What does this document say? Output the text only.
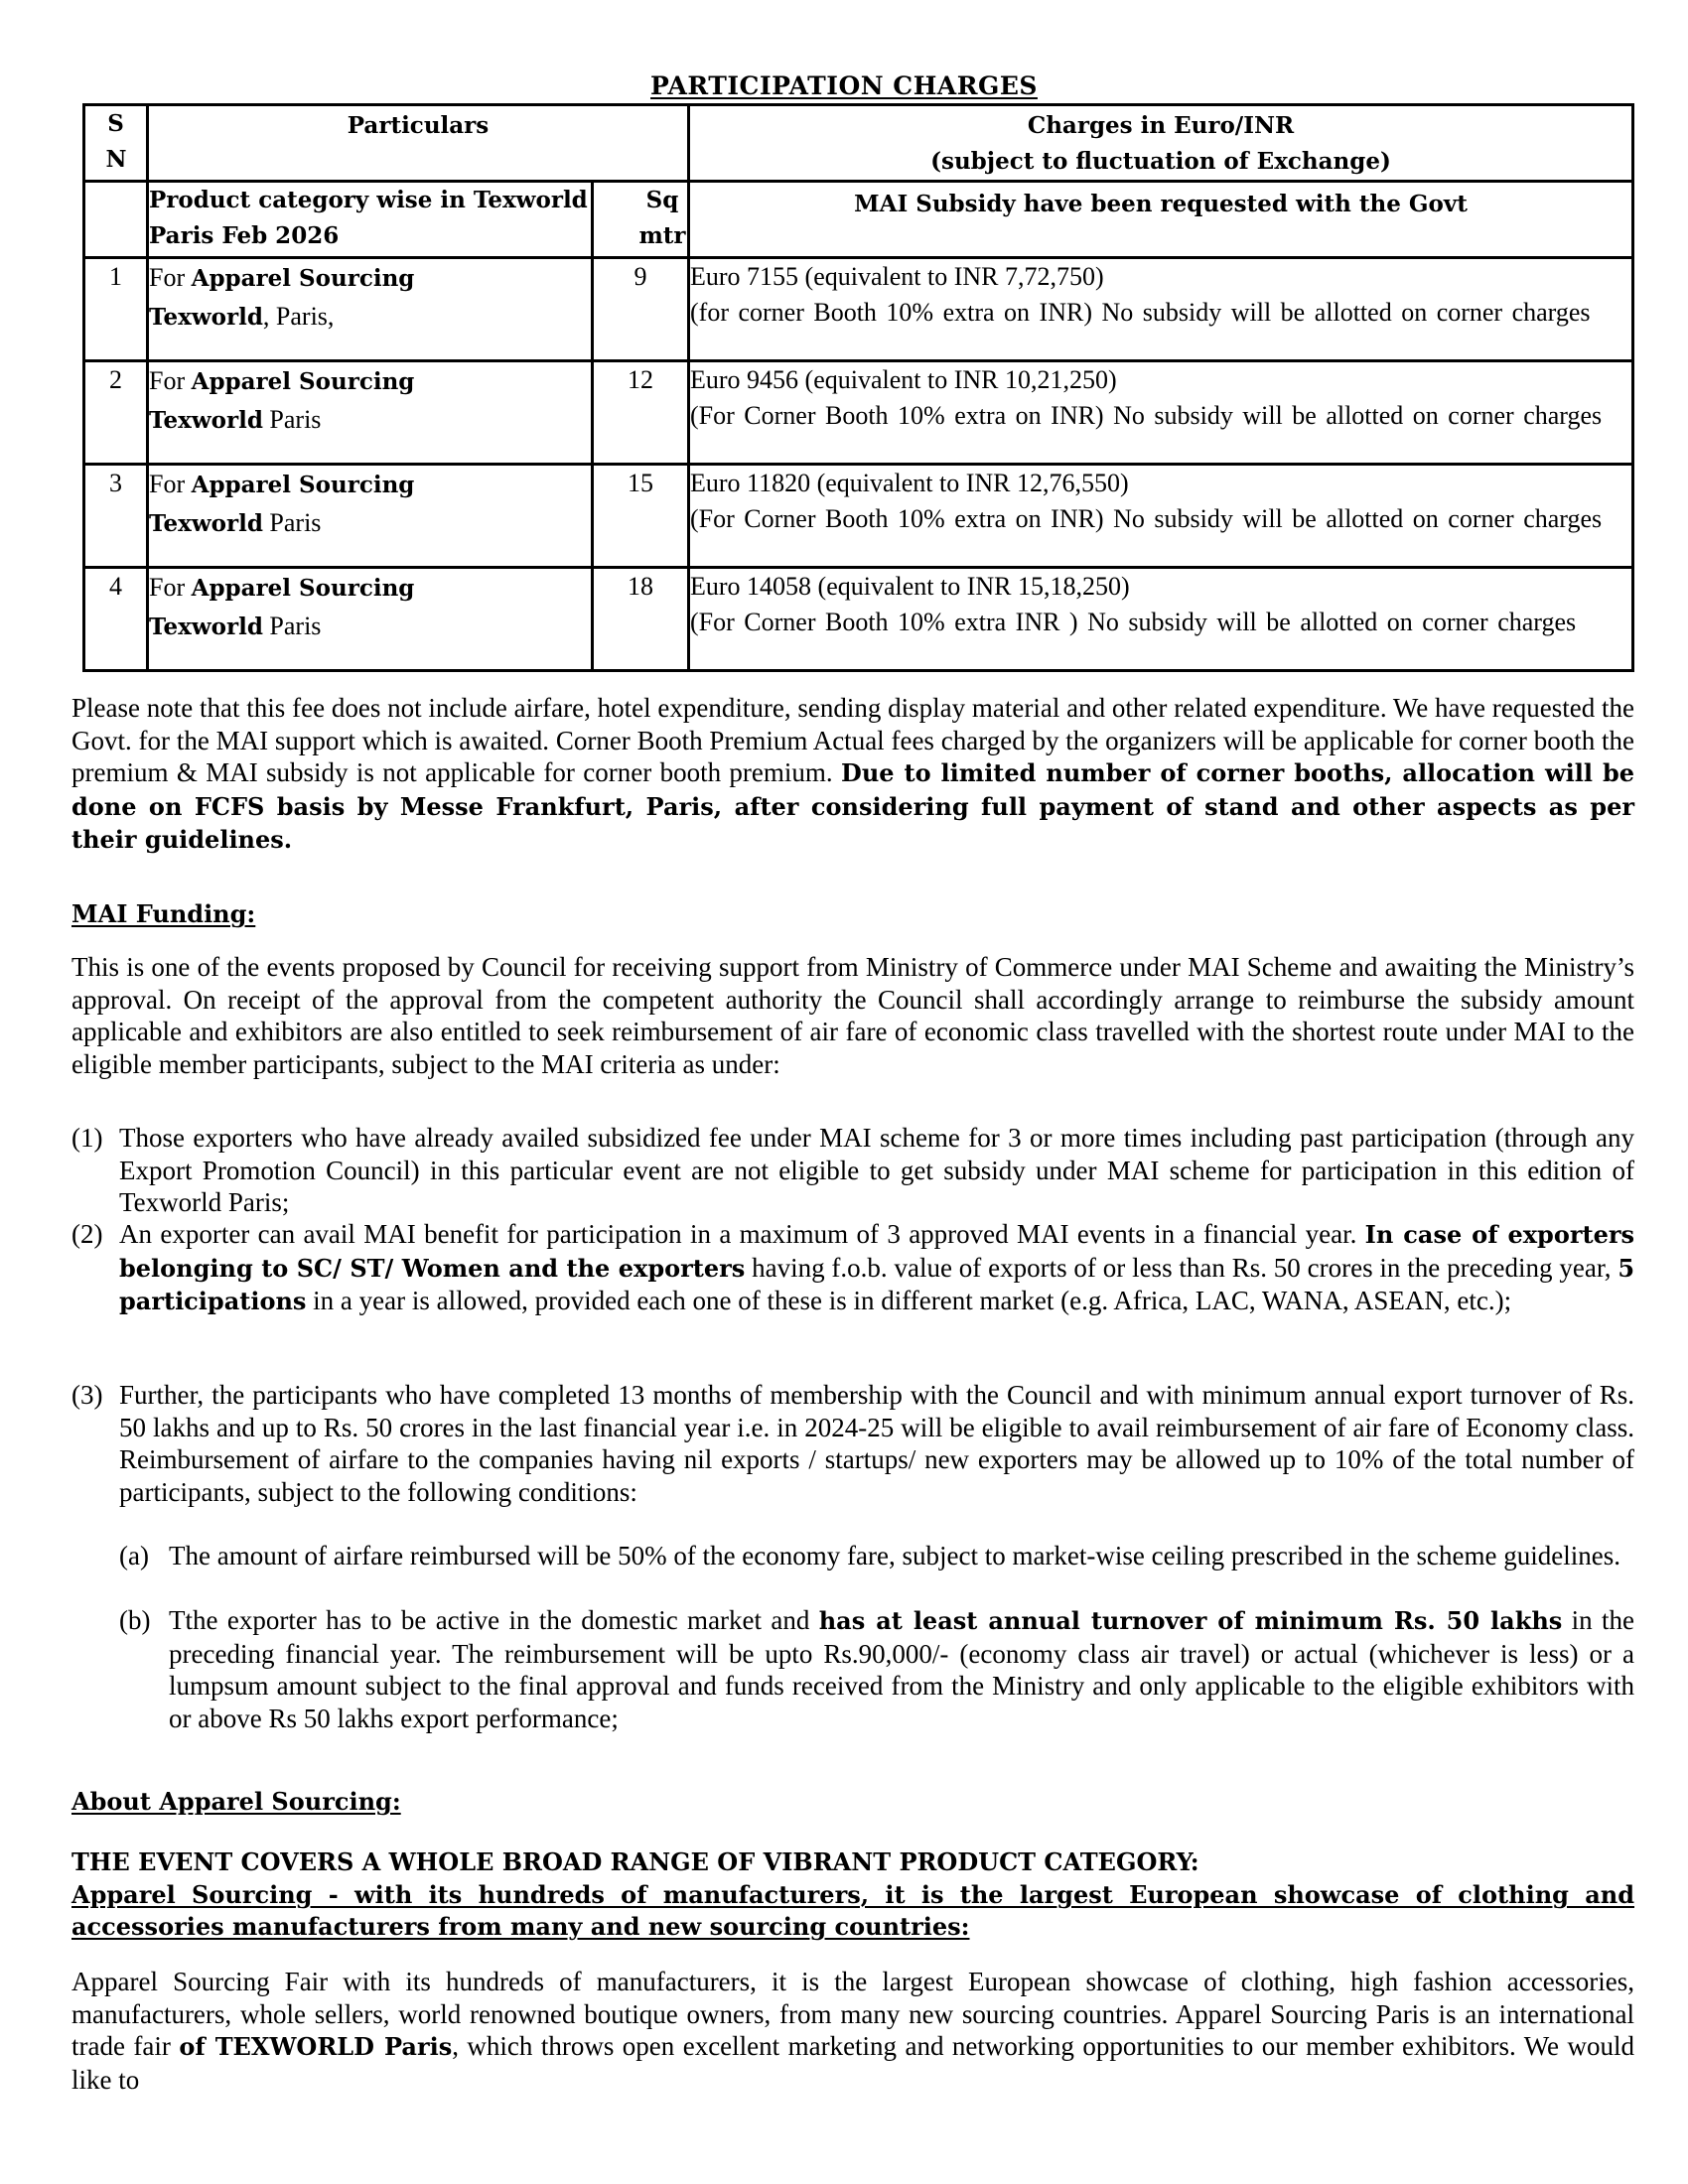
PARTICIPATION CHARGES
S N	Particulars		Charges in Euro/INR
(subject to fluctuation of Exchange)

	Product category wise in Texworld Paris Feb 2026	Sq mtr	MAI Subsidy have been requested with the Govt

1	For Apparel Sourcing
Texworld, Paris,	9	Euro 7155 (equivalent to INR 7,72,750)
(for corner Booth 10% extra on INR) No subsidy will be allotted on corner charges

2	For Apparel Sourcing
Texworld Paris	12	Euro 9456 (equivalent to INR 10,21,250)
(For Corner Booth 10% extra on INR) No subsidy will be allotted on corner charges

3	For Apparel Sourcing
Texworld Paris	15	Euro 11820 (equivalent to INR 12,76,550)
(For Corner Booth 10% extra on INR) No subsidy will be allotted on corner charges

4	For Apparel Sourcing
Texworld Paris	18	Euro 14058 (equivalent to INR 15,18,250)
(For Corner Booth 10% extra INR ) No subsidy will be allotted on corner charges
Please note that this fee does not include airfare, hotel expenditure, sending display material and other related expenditure. We have requested the Govt. for the MAI support which is awaited. Corner Booth Premium Actual fees charged by the organizers will be applicable for corner booth the premium & MAI subsidy is not applicable for corner booth premium. Due to limited number of corner booths, allocation will be done on FCFS basis by Messe Frankfurt, Paris, after considering full payment of stand and other aspects as per their guidelines.
MAI Funding:
This is one of the events proposed by Council for receiving support from Ministry of Commerce under MAI Scheme and awaiting the Ministry’s approval. On receipt of the approval from the competent authority the Council shall accordingly arrange to reimburse the subsidy amount applicable and exhibitors are also entitled to seek reimbursement of air fare of economic class travelled with the shortest route under MAI to the eligible member participants, subject to the MAI criteria as under:
(1) Those exporters who have already availed subsidized fee under MAI scheme for 3 or more times including past participation (through any Export Promotion Council) in this particular event are not eligible to get subsidy under MAI scheme for participation in this edition of Texworld Paris;
(2) An exporter can avail MAI benefit for participation in a maximum of 3 approved MAI events in a financial year. In case of exporters belonging to SC/ ST/ Women and the exporters having f.o.b. value of exports of or less than Rs. 50 crores in the preceding year, 5 participations in a year is allowed, provided each one of these is in different market (e.g. Africa, LAC, WANA, ASEAN, etc.);
(3) Further, the participants who have completed 13 months of membership with the Council and with minimum annual export turnover of Rs. 50 lakhs and up to Rs. 50 crores in the last financial year i.e. in 2024-25 will be eligible to avail reimbursement of air fare of Economy class. Reimbursement of airfare to the companies having nil exports / startups/ new exporters may be allowed up to 10% of the total number of participants, subject to the following conditions:
(a) The amount of airfare reimbursed will be 50% of the economy fare, subject to market-wise ceiling prescribed in the scheme guidelines.
(b) Tthe exporter has to be active in the domestic market and has at least annual turnover of minimum Rs. 50 lakhs in the preceding financial year. The reimbursement will be upto Rs.90,000/- (economy class air travel) or actual (whichever is less) or a lumpsum amount subject to the final approval and funds received from the Ministry and only applicable to the eligible exhibitors with or above Rs 50 lakhs export performance;
About Apparel Sourcing:
THE EVENT COVERS A WHOLE BROAD RANGE OF VIBRANT PRODUCT CATEGORY:
Apparel Sourcing - with its hundreds of manufacturers, it is the largest European showcase of clothing and accessories manufacturers from many and new sourcing countries:
Apparel Sourcing Fair with its hundreds of manufacturers, it is the largest European showcase of clothing, high fashion accessories, manufacturers, whole sellers, world renowned boutique owners, from many new sourcing countries. Apparel Sourcing Paris is an international trade fair of TEXWORLD Paris, which throws open excellent marketing and networking opportunities to our member exhibitors. We would like to
